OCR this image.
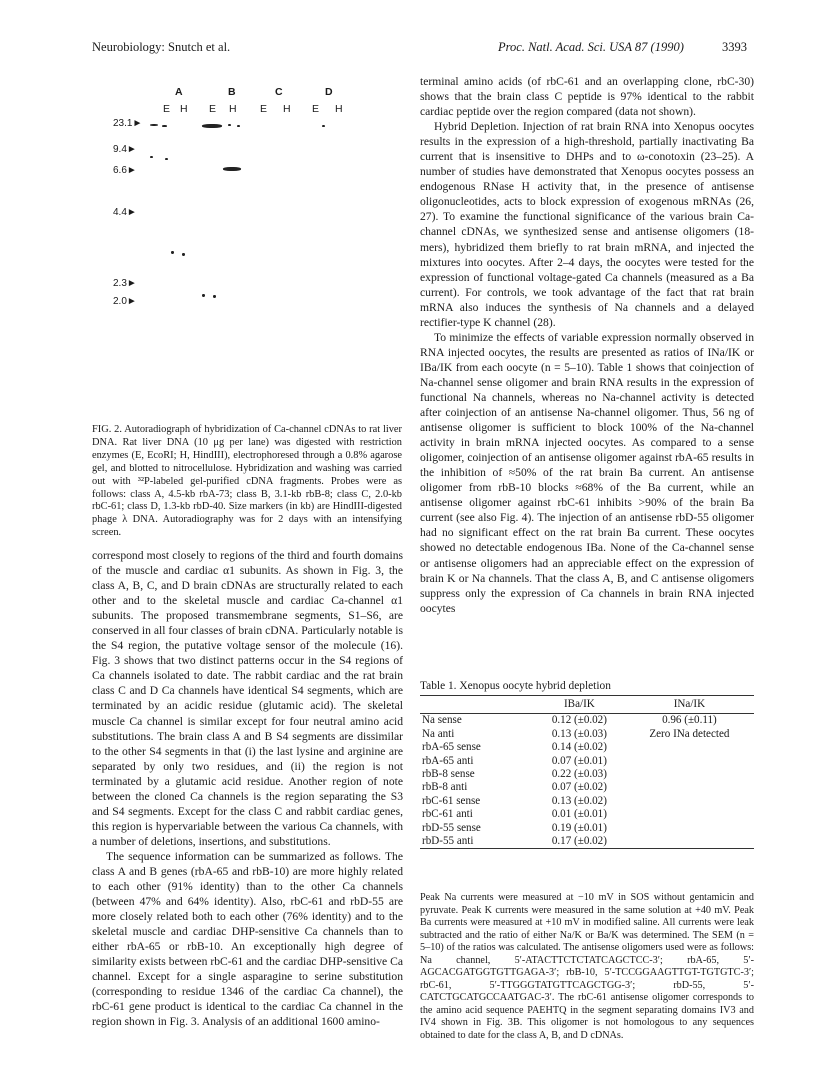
Neurobiology: Snutch et al.	Proc. Natl. Acad. Sci. USA 87 (1990)	3393
A	B	C	D
E H E H E H E H
23.1►
9.4►
6.6►
4.4►
2.3►
2.0►
FIG. 2. Autoradiograph of hybridization of Ca-channel cDNAs to rat liver DNA. Rat liver DNA (10 μg per lane) was digested with restriction enzymes (E, EcoRI; H, HindIII), electrophoresed through a 0.8% agarose gel, and blotted to nitrocellulose. Hybridization and washing was carried out with ³²P-labeled gel-purified cDNA fragments. Probes were as follows: class A, 4.5-kb rbA-73; class B, 3.1-kb rbB-8; class C, 2.0-kb rbC-61; class D, 1.3-kb rbD-40. Size markers (in kb) are HindIII-digested phage λ DNA. Autoradiography was for 2 days with an intensifying screen.

correspond most closely to regions of the third and fourth domains of the muscle and cardiac α1 subunits. As shown in Fig. 3, the class A, B, C, and D brain cDNAs are structurally related to each other and to the skeletal muscle and cardiac Ca-channel α1 subunits. The proposed transmembrane segments, S1–S6, are conserved in all four classes of brain cDNA. Particularly notable is the S4 region, the putative voltage sensor of the molecule (16). Fig. 3 shows that two distinct patterns occur in the S4 regions of Ca channels isolated to date. The rabbit cardiac and the rat brain class C and D Ca channels have identical S4 segments, which are terminated by an acidic residue (glutamic acid). The skeletal muscle Ca channel is similar except for four neutral amino acid substitutions. The brain class A and B S4 segments are dissimilar to the other S4 segments in that (i) the last lysine and arginine are separated by only two residues, and (ii) the region is not terminated by a glutamic acid residue. Another region of note between the cloned Ca channels is the region separating the S3 and S4 segments. Except for the class C and rabbit cardiac genes, this region is hypervariable between the various Ca channels, with a number of deletions, insertions, and substitutions.

The sequence information can be summarized as follows. The class A and B genes (rbA-65 and rbB-10) are more highly related to each other (91% identity) than to the other Ca channels (between 47% and 64% identity). Also, rbC-61 and rbD-55 are more closely related both to each other (76% identity) and to the skeletal muscle and cardiac DHP-sensitive Ca channels than to either rbA-65 or rbB-10. An exceptionally high degree of similarity exists between rbC-61 and the cardiac DHP-sensitive Ca channel. Except for a single asparagine to serine substitution (corresponding to residue 1346 of the cardiac Ca channel), the rbC-61 gene product is identical to the cardiac Ca channel in the region shown in Fig. 3. Analysis of an additional 1600 amino-

terminal amino acids (of rbC-61 and an overlapping clone, rbC-30) shows that the brain class C peptide is 97% identical to the rabbit cardiac peptide over the region compared (data not shown).

Hybrid Depletion. Injection of rat brain RNA into Xenopus oocytes results in the expression of a high-threshold, partially inactivating Ba current that is insensitive to DHPs and to ω-conotoxin (23–25). A number of studies have demonstrated that Xenopus oocytes possess an endogenous RNase H activity that, in the presence of antisense oligonucleotides, acts to block expression of exogenous mRNAs (26, 27). To examine the functional significance of the various brain Ca-channel cDNAs, we synthesized sense and antisense oligomers (18-mers), hybridized them briefly to rat brain mRNA, and injected the mixtures into oocytes. After 2–4 days, the oocytes were tested for the expression of functional voltage-gated Ca channels (measured as a Ba current). For controls, we took advantage of the fact that rat brain mRNA also induces the synthesis of Na channels and a delayed rectifier-type K channel (28).

To minimize the effects of variable expression normally observed in RNA injected oocytes, the results are presented as ratios of INa/IK or IBa/IK from each oocyte (n = 5–10). Table 1 shows that coinjection of Na-channel sense oligomer and brain RNA results in the expression of functional Na channels, whereas no Na-channel activity is detected after coinjection of an antisense Na-channel oligomer. Thus, 56 ng of antisense oligomer is sufficient to block 100% of the Na-channel activity in brain mRNA injected oocytes. As compared to a sense oligomer, coinjection of an antisense oligomer against rbA-65 results in the inhibition of ≈50% of the rat brain Ba current. An antisense oligomer from rbB-10 blocks ≈68% of the Ba current, while an antisense oligomer against rbC-61 inhibits >90% of the brain Ba current (see also Fig. 4). The injection of an antisense rbD-55 oligomer had no significant effect on the rat brain Ba current. These oocytes showed no detectable endogenous IBa. None of the Ca-channel sense or antisense oligomers had an appreciable effect on the expression of brain K or Na channels. That the class A, B, and C antisense oligomers suppress only the expression of Ca channels in brain RNA injected oocytes

Table 1. Xenopus oocyte hybrid depletion
	IBa/IK	INa/IK
Na sense	0.12 (±0.02)	0.96 (±0.11)
Na anti	0.13 (±0.03)	Zero INa detected
rbA-65 sense	0.14 (±0.02)	
rbA-65 anti	0.07 (±0.01)	
rbB-8 sense	0.22 (±0.03)	
rbB-8 anti	0.07 (±0.02)	
rbC-61 sense	0.13 (±0.02)	
rbC-61 anti	0.01 (±0.01)	
rbD-55 sense	0.19 (±0.01)	
rbD-55 anti	0.17 (±0.02)	
Peak Na currents were measured at −10 mV in SOS without gentamicin and pyruvate. Peak K currents were measured in the same solution at +40 mV. Peak Ba currents were measured at +10 mV in modified saline. All currents were leak subtracted and the ratio of either Na/K or Ba/K was determined. The SEM (n = 5–10) of the ratios was calculated. The antisense oligomers used were as follows: Na channel, 5′-ATACTTCTCTATCAGCTCC-3′; rbA-65, 5′-AGCACGATGGTGTTGAGA-3′; rbB-10, 5′-TCCGGAAGTTGT-TGTGTC-3′; rbC-61, 5′-TTGGGTATGTTCAGCTGG-3′; rbD-55, 5′-CATCTGCATGCCAATGAC-3′. The rbC-61 antisense oligomer corresponds to the amino acid sequence PAEHTQ in the segment separating domains IV3 and IV4 shown in Fig. 3B. This oligomer is not homologous to any sequences obtained to date for the class A, B, and D cDNAs.
